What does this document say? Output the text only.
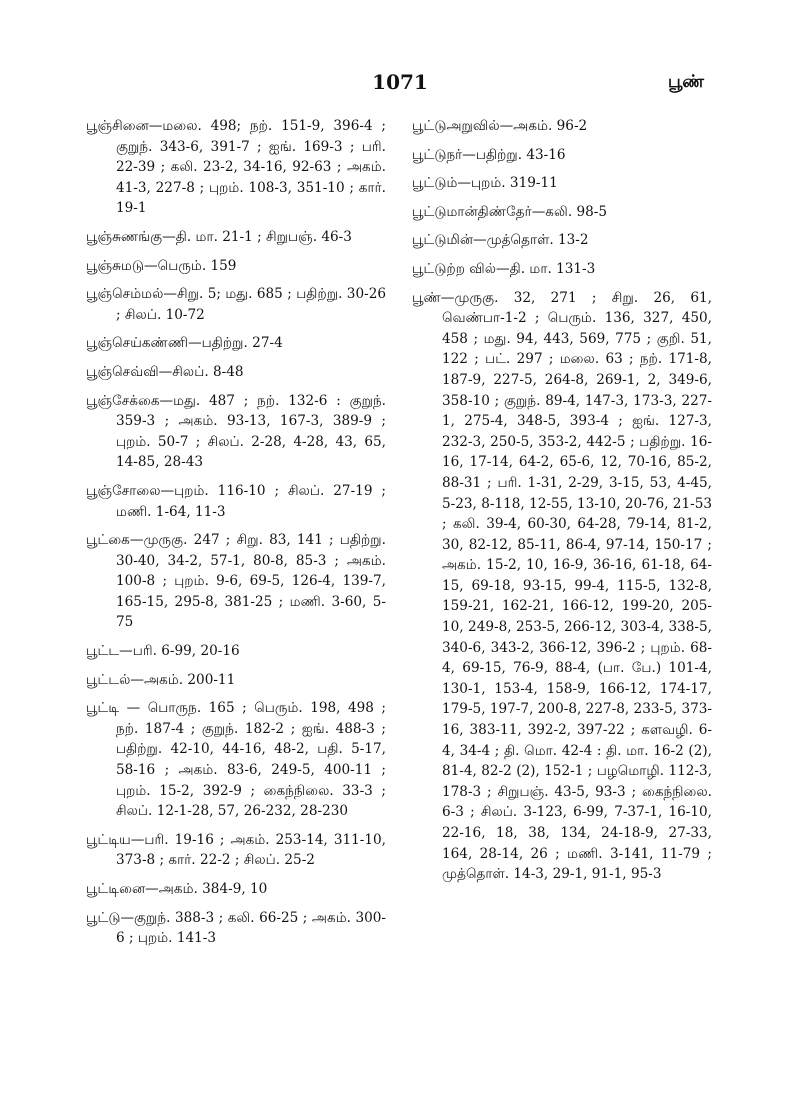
1071	பூண்

பூஞ்சினை—மலை. 498; நற். 151-9, 396-4 ; குறுந். 343-6, 391-7 ; ஐங். 169-3 ; பரி. 22-39 ; கலி. 23-2, 34-16, 92-63 ; அகம். 41-3, 227-8 ; புறம். 108-3, 351-10 ; கார். 19-1

பூஞ்சுணங்கு—தி. மா. 21-1 ; சிறுபஞ். 46-3

பூஞ்சுமடு—பெரும். 159

பூஞ்செம்மல்—சிறு. 5; மது. 685 ; பதிற்று. 30-26 ; சிலப். 10-72

பூஞ்செய்கண்ணி—பதிற்று. 27-4

பூஞ்செவ்வி—சிலப். 8-48

பூஞ்சேக்கை—மது. 487 ; நற். 132-6 : குறுந். 359-3 ; அகம். 93-13, 167-3, 389-9 ; புறம். 50-7 ; சிலப். 2-28, 4-28, 43, 65, 14-85, 28-43

பூஞ்சோலை—புறம். 116-10 ; சிலப். 27-19 ; மணி. 1-64, 11-3

பூட்கை—முருகு. 247 ; சிறு. 83, 141 ; பதிற்று. 30-40, 34-2, 57-1, 80-8, 85-3 ; அகம். 100-8 ; புறம். 9-6, 69-5, 126-4, 139-7, 165-15, 295-8, 381-25 ; மணி. 3-60, 5-75

பூட்ட—பரி. 6-99, 20-16

பூட்டல்—அகம். 200-11

பூட்டி — பொருந. 165 ; பெரும். 198, 498 ; நற். 187-4 ; குறுந். 182-2 ; ஐங். 488-3 ; பதிற்று. 42-10, 44-16, 48-2, பதி. 5-17, 58-16 ; அகம். 83-6, 249-5, 400-11 ; புறம். 15-2, 392-9 ; கைந்நிலை. 33-3 ; சிலப். 12-1-28, 57, 26-232, 28-230

பூட்டிய—பரி. 19-16 ; அகம். 253-14, 311-10, 373-8 ; கார். 22-2 ; சிலப். 25-2

பூட்டினை—அகம். 384-9, 10

பூட்டு—குறுந். 388-3 ; கலி. 66-25 ; அகம். 300-6 ; புறம். 141-3

பூட்டுஅறுவில்—அகம். 96-2

பூட்டுநர்—பதிற்று. 43-16

பூட்டும்—புறம். 319-11

பூட்டுமான்திண்தேர்—கலி. 98-5

பூட்டுமின்—முத்தொள். 13-2

பூட்டுற்ற வில்—தி. மா. 131-3

பூண்—முருகு. 32, 271 ; சிறு. 26, 61, வெண்பா-1-2 ; பெரும். 136, 327, 450, 458 ; மது. 94, 443, 569, 775 ; குறி. 51, 122 ; பட். 297 ; மலை. 63 ; நற். 171-8, 187-9, 227-5, 264-8, 269-1, 2, 349-6, 358-10 ; குறுந். 89-4, 147-3, 173-3, 227-1, 275-4, 348-5, 393-4 ; ஐங். 127-3, 232-3, 250-5, 353-2, 442-5 ; பதிற்று. 16-16, 17-14, 64-2, 65-6, 12, 70-16, 85-2, 88-31 ; பரி. 1-31, 2-29, 3-15, 53, 4-45, 5-23, 8-118, 12-55, 13-10, 20-76, 21-53 ; கலி. 39-4, 60-30, 64-28, 79-14, 81-2, 30, 82-12, 85-11, 86-4, 97-14, 150-17 ; அகம். 15-2, 10, 16-9, 36-16, 61-18, 64-15, 69-18, 93-15, 99-4, 115-5, 132-8, 159-21, 162-21, 166-12, 199-20, 205-10, 249-8, 253-5, 266-12, 303-4, 338-5, 340-6, 343-2, 366-12, 396-2 ; புறம். 68-4, 69-15, 76-9, 88-4, (பா. பே.) 101-4, 130-1, 153-4, 158-9, 166-12, 174-17, 179-5, 197-7, 200-8, 227-8, 233-5, 373-16, 383-11, 392-2, 397-22 ; களவழி. 6-4, 34-4 ; தி. மொ. 42-4 : தி. மா. 16-2 (2), 81-4, 82-2 (2), 152-1 ; பழமொழி. 112-3, 178-3 ; சிறுபஞ். 43-5, 93-3 ; கைந்நிலை. 6-3 ; சிலப். 3-123, 6-99, 7-37-1, 16-10, 22-16, 18, 38, 134, 24-18-9, 27-33, 164, 28-14, 26 ; மணி. 3-141, 11-79 ; முத்தொள். 14-3, 29-1, 91-1, 95-3
